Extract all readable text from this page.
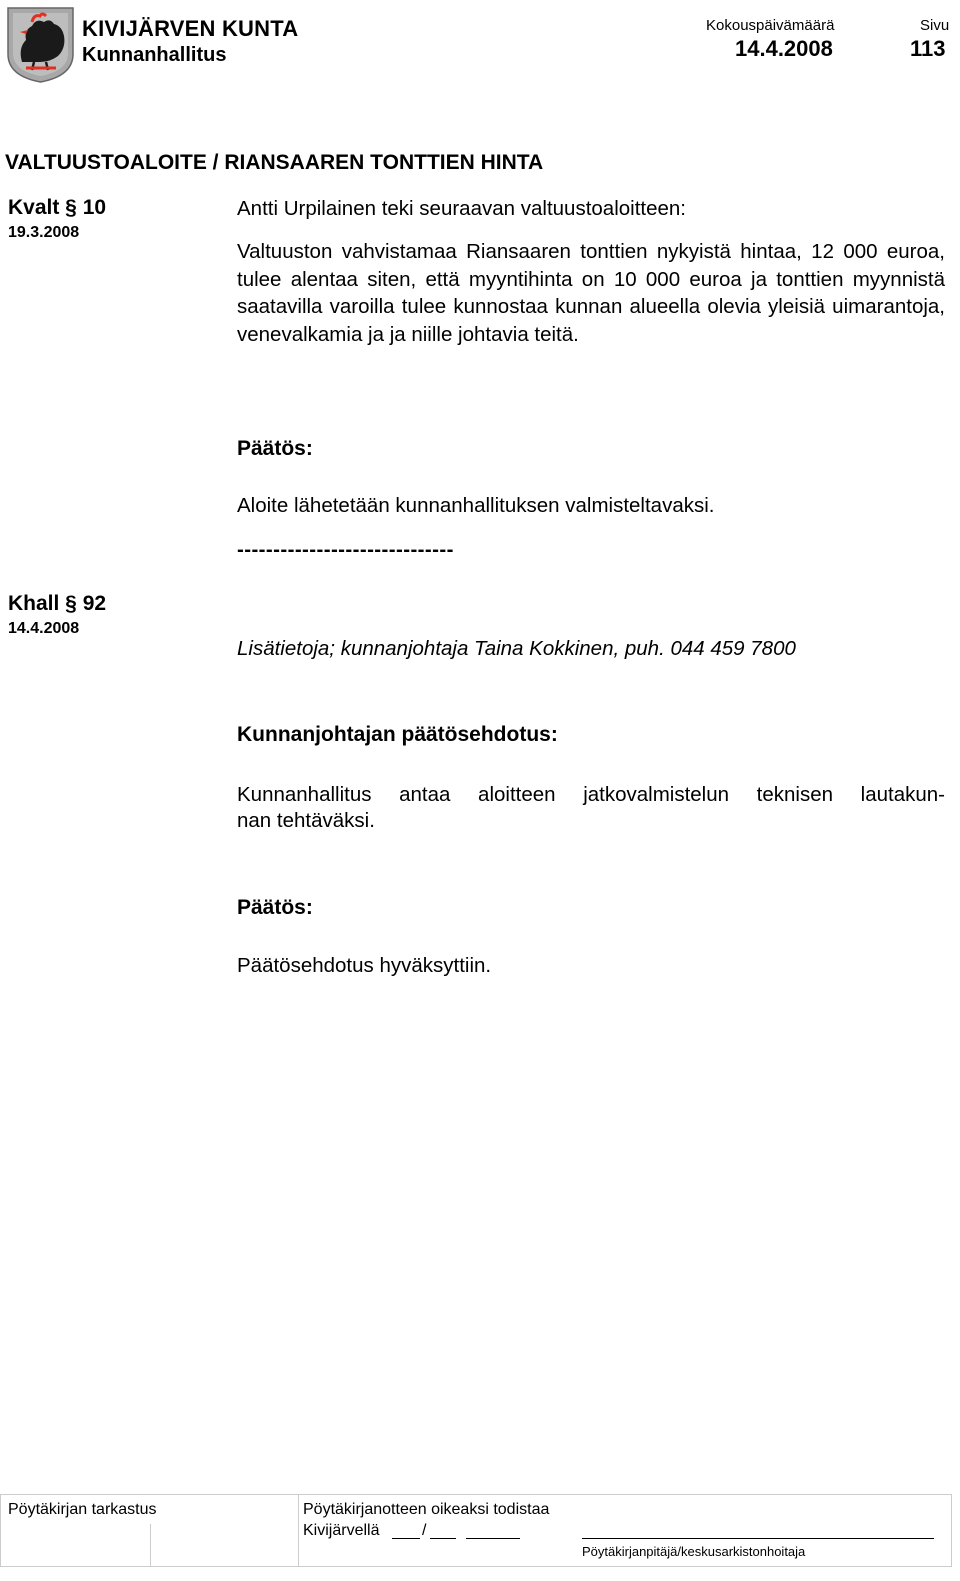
KIVIJÄRVEN KUNTA
Kunnanhallitus
Kokouspäivämäärä
14.4.2008
Sivu
113
VALTUUSTOALOITE / RIANSAAREN TONTTIEN HINTA
Kvalt § 10
19.3.2008
Antti Urpilainen teki seuraavan valtuustoaloitteen:
Valtuuston vahvistamaa Riansaaren tonttien nykyistä hintaa, 12 000 euroa, tulee alentaa siten, että myyntihinta on 10 000 euroa ja tonttien myynnistä saatavilla varoilla tulee kunnostaa kunnan alueella olevia yleisiä uimarantoja, venevalkamia ja ja niille johtavia teitä.
Päätös:
Aloite lähetetään kunnanhallituksen valmisteltavaksi.
------------------------------
Khall § 92
14.4.2008
Lisätietoja; kunnanjohtaja Taina Kokkinen, puh. 044 459 7800
Kunnanjohtajan päätösehdotus:
Kunnanhallitus antaa aloitteen jatkovalmistelun teknisen lautakun-
nan tehtäväksi.
Päätös:
Päätösehdotus hyväksyttiin.
Pöytäkirjan tarkastus	Pöytäkirjanotteen oikeaksi todistaa
Kivijärvellä	/
Pöytäkirjanpitäjä/keskusarkistonhoitaja
